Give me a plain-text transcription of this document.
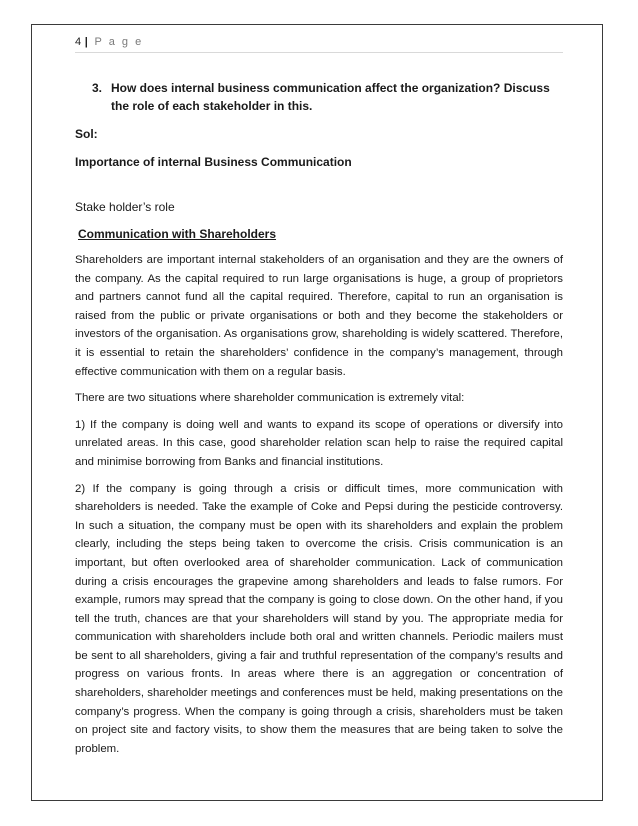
4 | P a g e
3. How does internal business communication affect the organization? Discuss the role of each stakeholder in this.
Sol:
Importance of internal Business Communication
Stake holder’s role
Communication with Shareholders

Shareholders are important internal stakeholders of an organisation and they are the owners of the company. As the capital required to run large organisations is huge, a group of proprietors and partners cannot fund all the capital required. Therefore, capital to run an organisation is raised from the public or private organisations or both and they become the stakeholders or investors of the organisation. As organisations grow, shareholding is widely scattered. Therefore, it is essential to retain the shareholders’ confidence in the company’s management, through effective communication with them on a regular basis.

There are two situations where shareholder communication is extremely vital:

1) If the company is doing well and wants to expand its scope of operations or diversify into unrelated areas. In this case, good shareholder relation scan help to raise the required capital and minimise borrowing from Banks and financial institutions.

2) If the company is going through a crisis or difficult times, more communication with shareholders is needed. Take the example of Coke and Pepsi during the pesticide controversy. In such a situation, the company must be open with its shareholders and explain the problem clearly, including the steps being taken to overcome the crisis. Crisis communication is an important, but often overlooked area of shareholder communication. Lack of communication during a crisis encourages the grapevine among shareholders and leads to false rumors. For example, rumors may spread that the company is going to close down. On the other hand, if you tell the truth, chances are that your shareholders will stand by you. The appropriate media for communication with shareholders include both oral and written channels. Periodic mailers must be sent to all shareholders, giving a fair and truthful representation of the company’s results and progress on various fronts. In areas where there is an aggregation or concentration of shareholders, shareholder meetings and conferences must be held, making presentations on the company’s progress. When the company is going through a crisis, shareholders must be taken on project site and factory visits, to show them the measures that are being taken to solve the problem.
